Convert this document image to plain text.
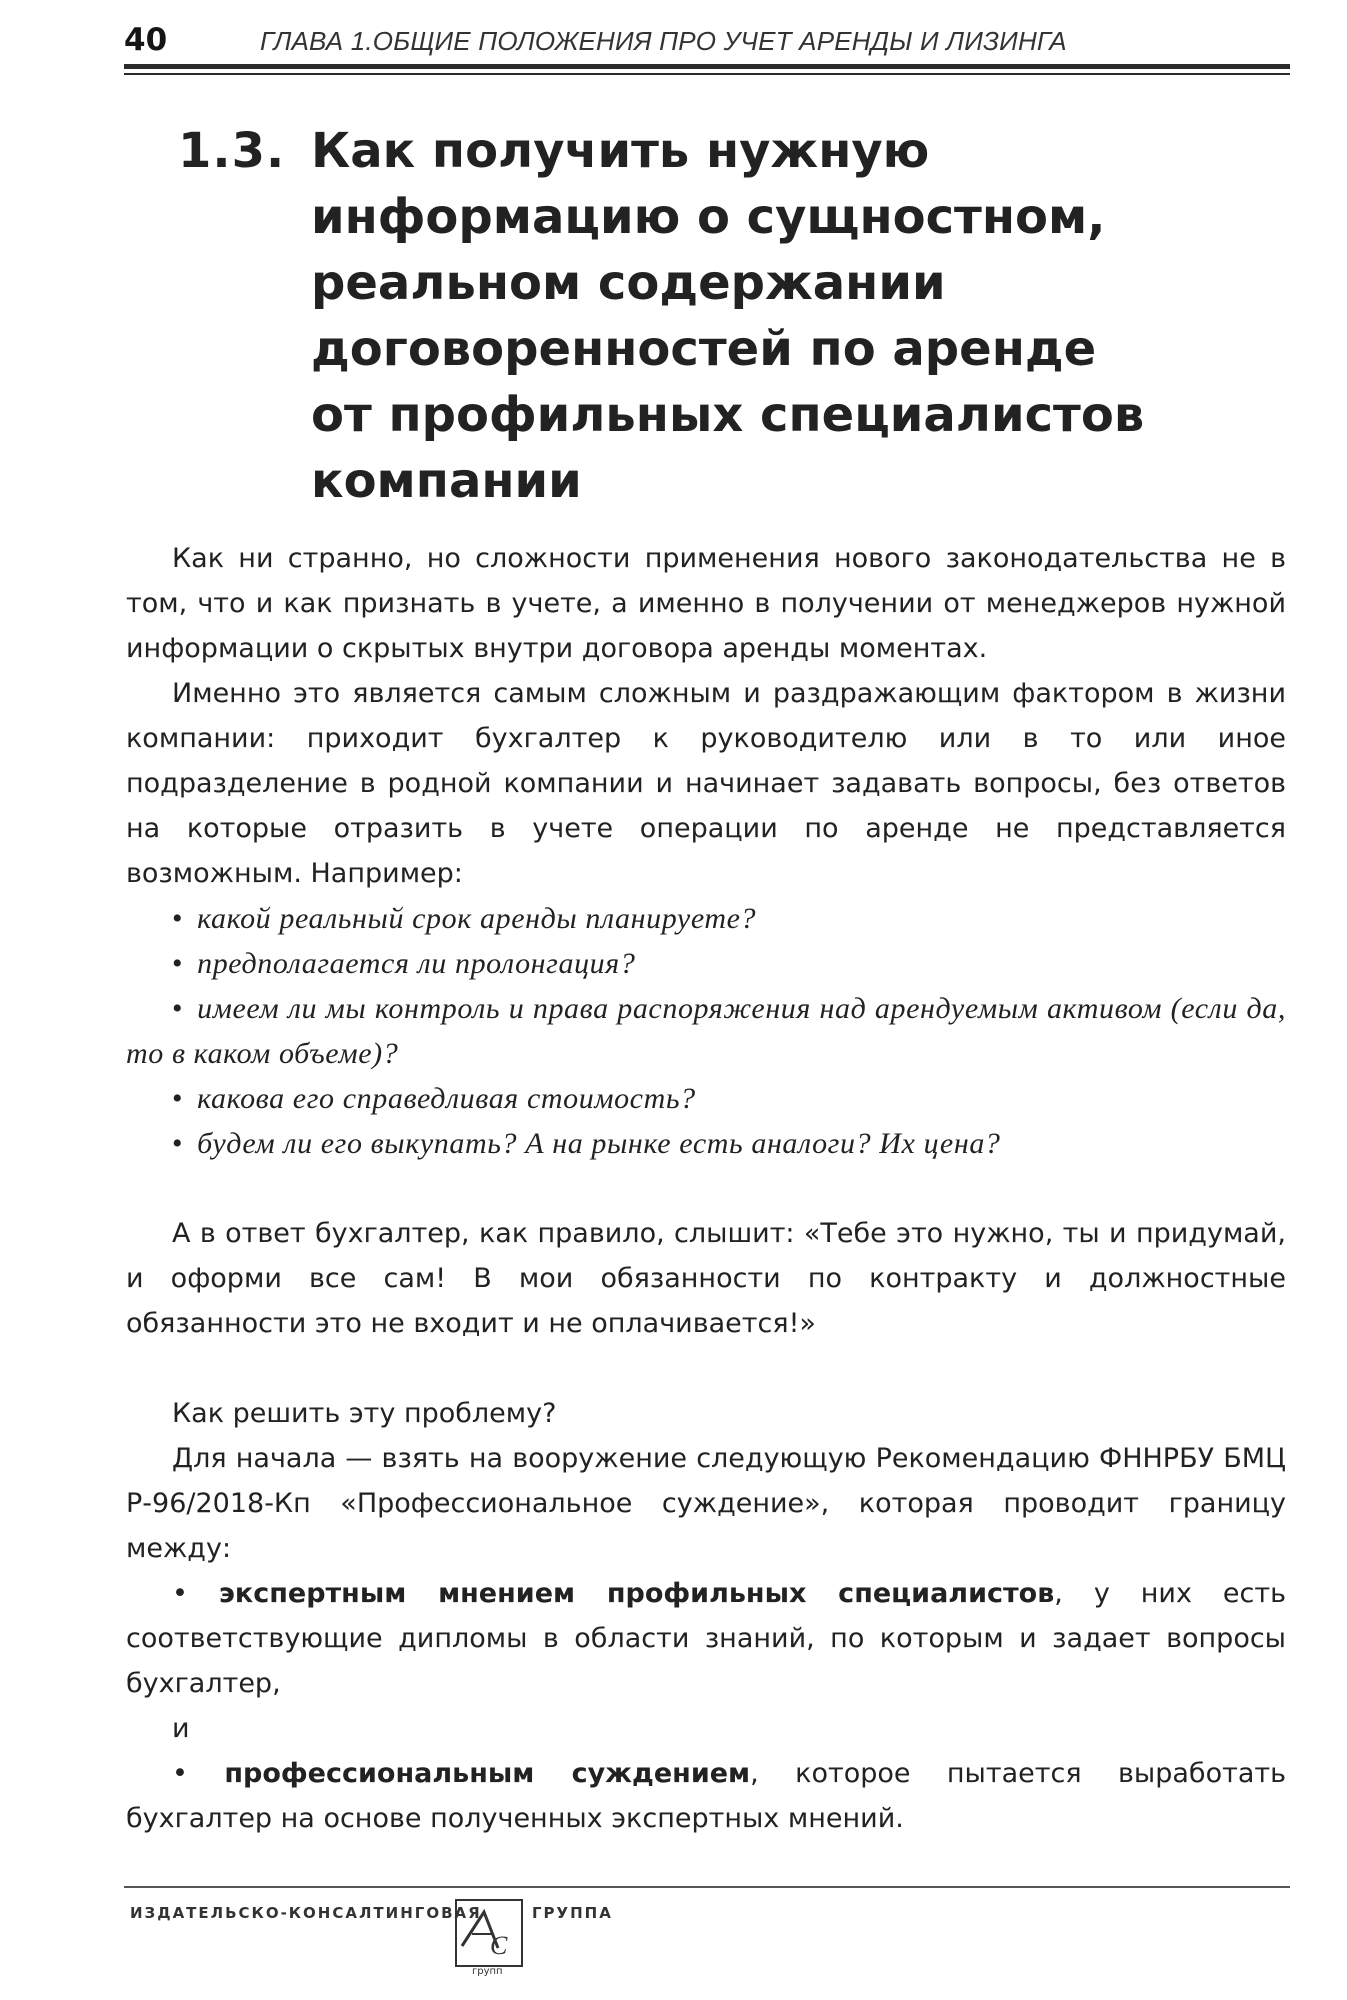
40	ГЛАВА 1.ОБЩИЕ ПОЛОЖЕНИЯ ПРО УЧЕТ АРЕНДЫ И ЛИЗИНГА
1.3. Как получить нужную
информацию о сущностном,
реальном содержании
договоренностей по аренде
от профильных специалистов
компании

Как ни странно, но сложности применения нового законодательства не в том, что и как признать в учете, а именно в получении от менеджеров нужной информации о скрытых внутри договора аренды моментах.

Именно это является самым сложным и раздражающим фактором в жизни компании: приходит бухгалтер к руководителю или в то или иное подразделение в родной компании и начинает задавать вопросы, без ответов на которые отразить в учете операции по аренде не представляется возможным. Например:

• какой реальный срок аренды планируете?
• предполагается ли пролонгация?
• имеем ли мы контроль и права распоряжения над арендуемым активом (если да, то в каком объеме)?
• какова его справедливая стоимость?
• будем ли его выкупать? А на рынке есть аналоги? Их цена?

А в ответ бухгалтер, как правило, слышит: «Тебе это нужно, ты и придумай, и оформи все сам! В мои обязанности по контракту и должностные обязанности это не входит и не оплачивается!»

Как решить эту проблему?

Для начала — взять на вооружение следующую Рекомендацию ФННРБУ БМЦ Р-96/2018-Кп «Профессиональное суждение», которая проводит границу между:

• экспертным мнением профильных специалистов, у них есть соответствующие дипломы в области знаний, по которым и задает вопросы бухгалтер,

и

• профессиональным суждением, которое пытается выработать бухгалтер на основе полученных экспертных мнений.

ИЗДАТЕЛЬСКО-КОНСАЛТИНГОВАЯ
С
групп
ГРУППА
